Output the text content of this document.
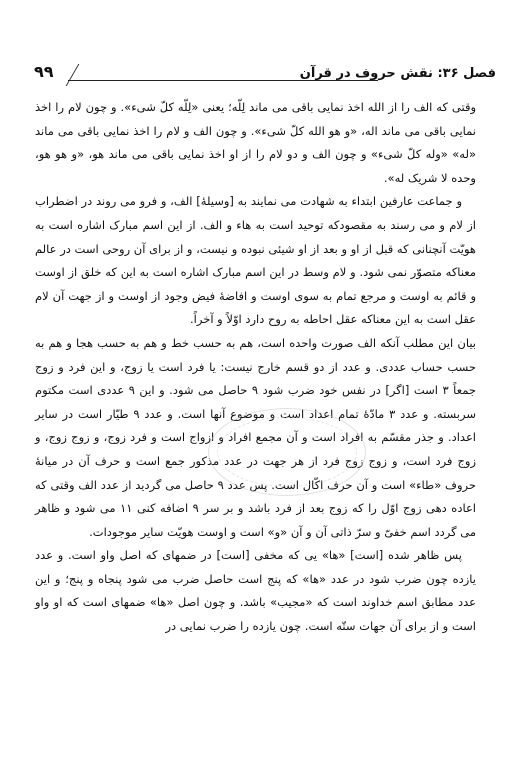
۹۹	فصل ۳۶: نقش حروف در قرآن

وقتی که الف را از الله اخذ نمایی باقی می ماند لِلّه؛ یعنی «لِلّه کلّ شیء». و چون لام را اخذ نمایی باقی می ماند اله، «و هو الله کلّ شیء». و چون الف و لام را اخذ نمایی باقی می ماند «له» «وله کلّ شیء» و چون الف و دو لام را از او اخذ نمایی باقی می ماند هو، «و هو هو، وحده لا شریک له».

و جماعت عارفین ابتداء به شهادت می نمایند به [وسیلهٔ] الف، و فرو می روند در اضطراب از لام و می رسند به مقصودکه توحید است به هاء و الف. از این اسم مبارک اشاره است به هویّت آنچنانی که قبل از او و بعد از او شیئی نبوده و نیست، و از برای آن روحی است در عالم معناکه متصوّر نمی شود. و لام وسط در این اسم مبارک اشاره است به این که خلق از اوست و قائم به اوست و مرجع تمام به سوی اوست و افاضهٔ فیض وجود از اوست و از جهت آن لام عقل است به این معناکه عقل احاطه به روح دارد اوّلاً و آخراً.

بیان این مطلب آنکه الف صورت واحده است، هم به حسب خط و هم به حسب هجا و هم به حسب حساب عددی. و عدد از دو قسم خارج نیست: یا فرد است یا زوج، و این فرد و زوج جمعاً ۳ است [اگر] در نفس خود ضرب شود ۹ حاصل می شود. و این ۹ عددی است مکتوم سربسته. و عدد ۳ مادّهٔ تمام اعداد است و موضوع آنها است. و عدد ۹ طیّار است در سایر اعداد. و جذر مقسّم به افراد است و آن مجمع افراد و ازواج است و فرد زوج، و زوج زوج، و زوج فرد است، و زوج زوج فرد از هر جهت در عدد مذکور جمع است و حرف آن در میانهٔ حروف «طاء» است و آن حرف اکّال است. پس عدد ۹ حاصل می گردید از عدد الف وقتی که اعاده دهی زوج اوّل را که زوج بعد از فرد باشد و بر سر ۹ اضافه کنی ۱۱ می شود و ظاهر می گردد اسم خفیّ و سرّ ذاتی آن و آن «و» است و اوست هویّت سایر موجودات.

پس ظاهر شده [است] «ها» یی که مخفی [است] در ضمهای که اصل واو است. و عدد یازده چون ضرب شود در عدد «ها» که پنج است حاصل ضرب می شود پنجاه و پنج؛ و این عدد مطابق اسم خداوند است که «مجیب» باشد. و چون اصل «ها» ضمهای است که او واو است و از برای آن جهات ستّه است. چون یازده را ضرب نمایی در
